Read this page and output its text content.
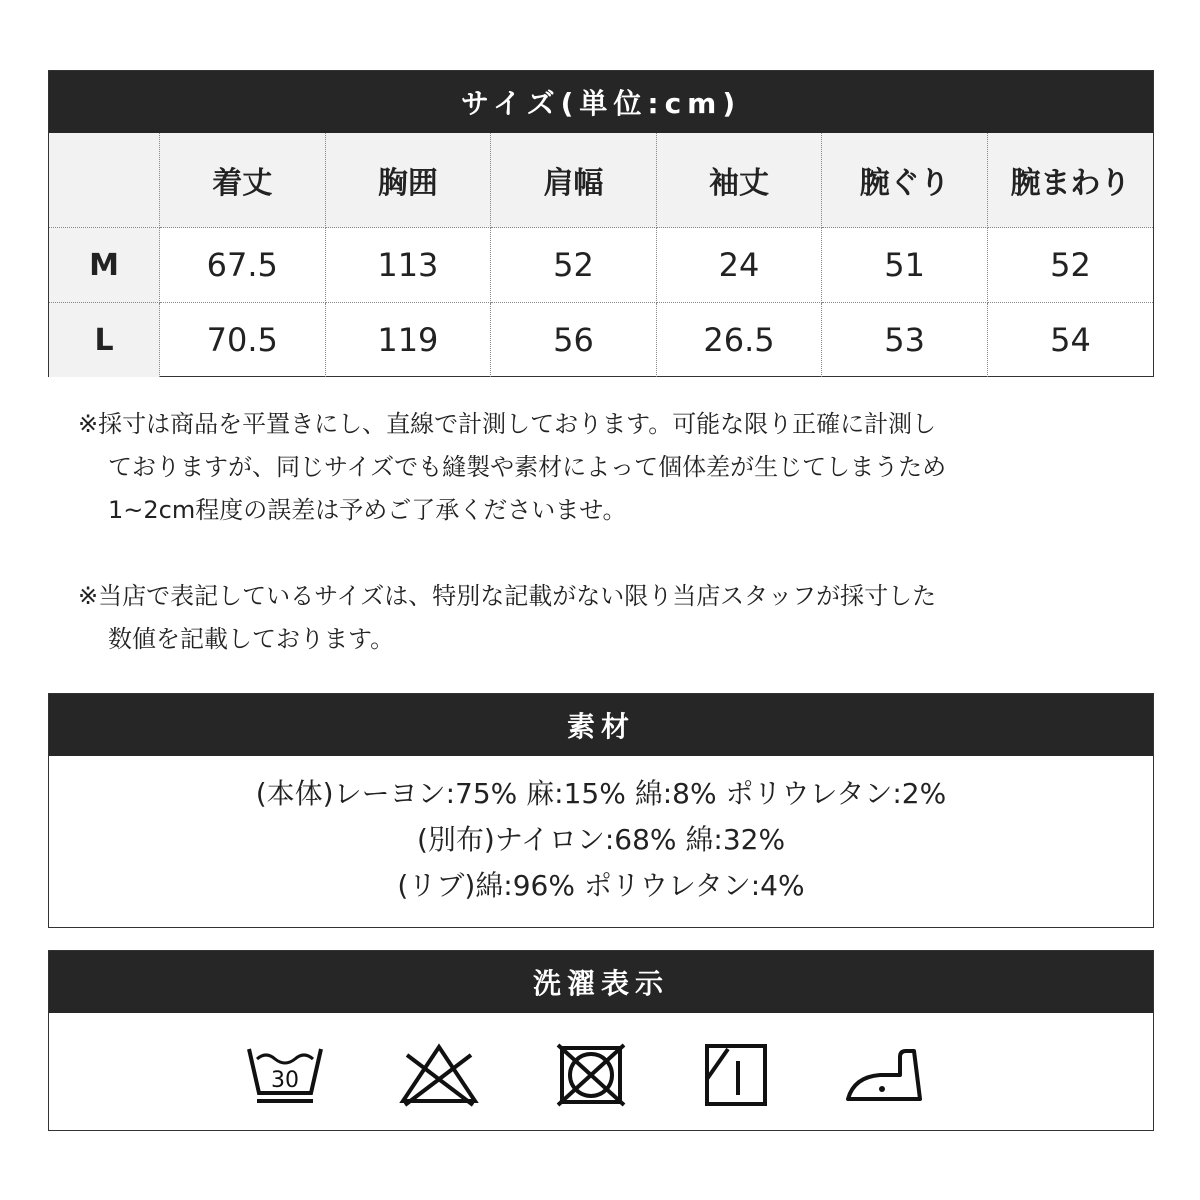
サイズ(単位:cm)
	着丈	胸囲	肩幅	袖丈	腕ぐり	腕まわり
M	67.5	113	52	24	51	52
L	70.5	119	56	26.5	53	54
※採寸は商品を平置きにし、直線で計測しております。可能な限り正確に計測し
ておりますが、同じサイズでも縫製や素材によって個体差が生じてしまうため
1~2cm程度の誤差は予めご了承くださいませ。
※当店で表記しているサイズは、特別な記載がない限り当店スタッフが採寸した
数値を記載しております。
素材
(本体)レーヨン:75% 麻:15% 綿:8% ポリウレタン:2%
(別布)ナイロン:68% 綿:32%
(リブ)綿:96% ポリウレタン:4%
洗濯表示
30
